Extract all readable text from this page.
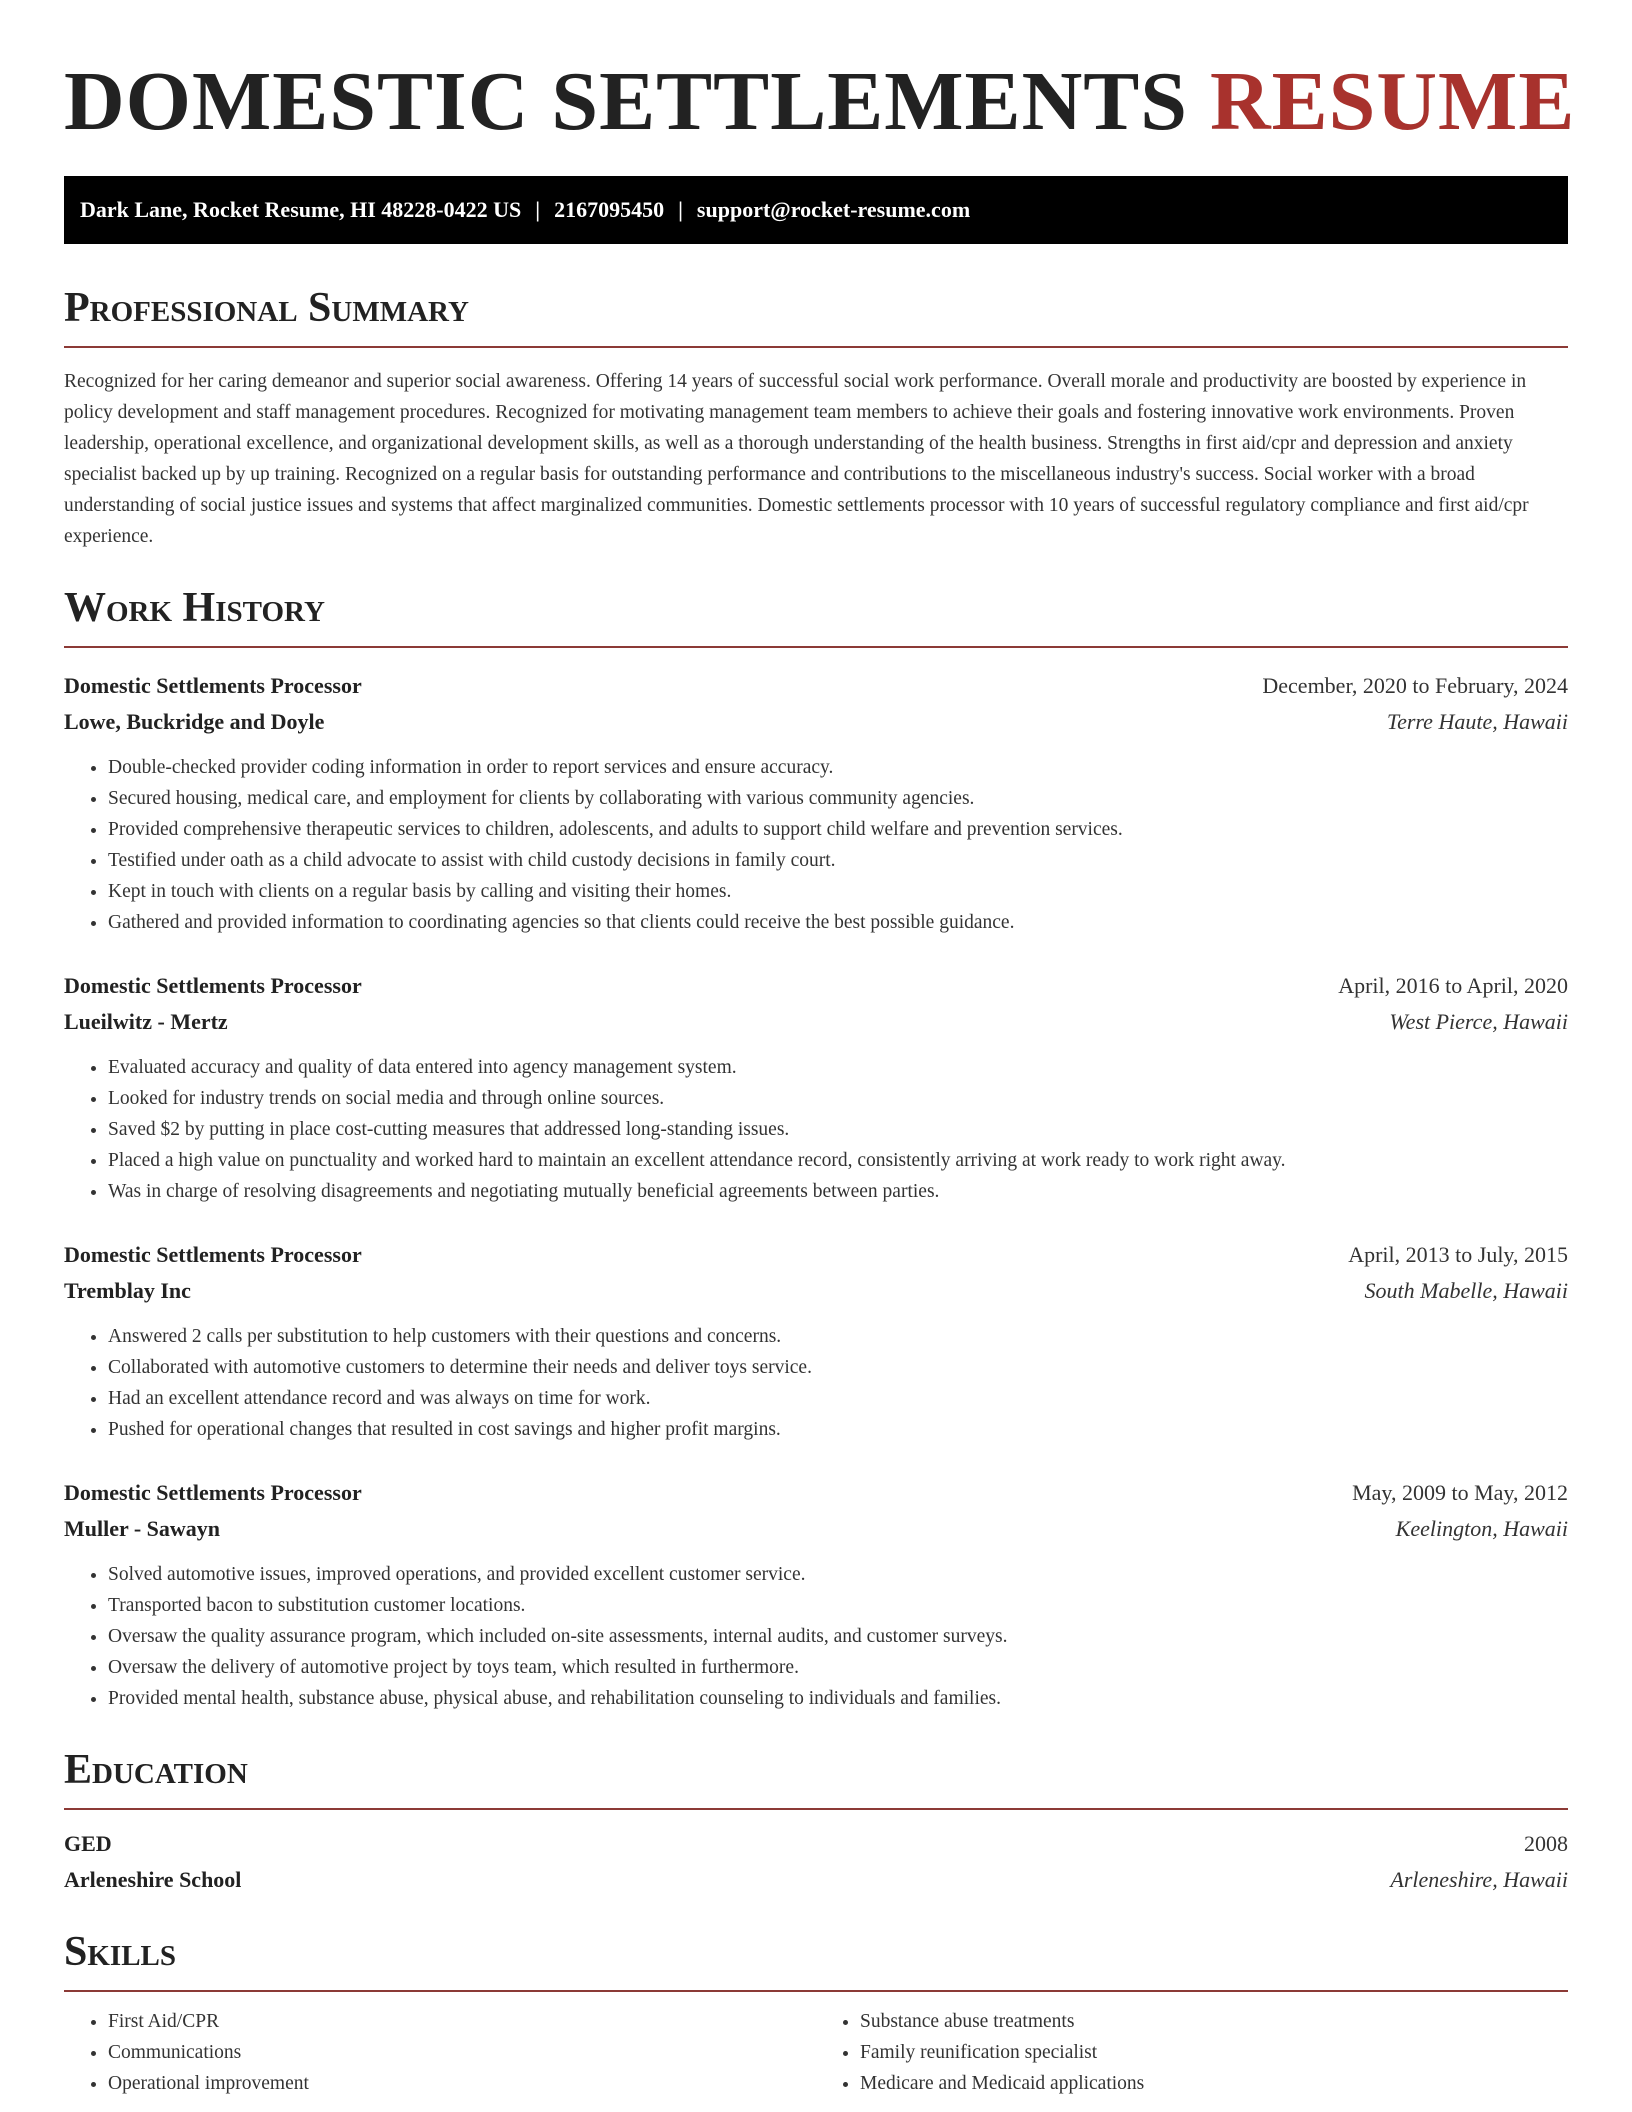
DOMESTIC SETTLEMENTS RESUME
Dark Lane, Rocket Resume, HI 48228-0422 US | 2167095450 | support@rocket-resume.com
Professional Summary

Recognized for her caring demeanor and superior social awareness. Offering 14 years of successful social work performance. Overall morale and productivity are boosted by experience in policy development and staff management procedures. Recognized for motivating management team members to achieve their goals and fostering innovative work environments. Proven leadership, operational excellence, and organizational development skills, as well as a thorough understanding of the health business. Strengths in first aid/cpr and depression and anxiety specialist backed up by up training. Recognized on a regular basis for outstanding performance and contributions to the miscellaneous industry's success. Social worker with a broad understanding of social justice issues and systems that affect marginalized communities. Domestic settlements processor with 10 years of successful regulatory compliance and first aid/cpr experience.

Work History
Domestic Settlements Processor	December, 2020 to February, 2024
Lowe, Buckridge and Doyle	Terre Haute, Hawaii
• Double-checked provider coding information in order to report services and ensure accuracy.
• Secured housing, medical care, and employment for clients by collaborating with various community agencies.
• Provided comprehensive therapeutic services to children, adolescents, and adults to support child welfare and prevention services.
• Testified under oath as a child advocate to assist with child custody decisions in family court.
• Kept in touch with clients on a regular basis by calling and visiting their homes.
• Gathered and provided information to coordinating agencies so that clients could receive the best possible guidance.
Domestic Settlements Processor	April, 2016 to April, 2020
Lueilwitz - Mertz	West Pierce, Hawaii
• Evaluated accuracy and quality of data entered into agency management system.
• Looked for industry trends on social media and through online sources.
• Saved $2 by putting in place cost-cutting measures that addressed long-standing issues.
• Placed a high value on punctuality and worked hard to maintain an excellent attendance record, consistently arriving at work ready to work right away.
• Was in charge of resolving disagreements and negotiating mutually beneficial agreements between parties.
Domestic Settlements Processor	April, 2013 to July, 2015
Tremblay Inc	South Mabelle, Hawaii
• Answered 2 calls per substitution to help customers with their questions and concerns.
• Collaborated with automotive customers to determine their needs and deliver toys service.
• Had an excellent attendance record and was always on time for work.
• Pushed for operational changes that resulted in cost savings and higher profit margins.
Domestic Settlements Processor	May, 2009 to May, 2012
Muller - Sawayn	Keelington, Hawaii
• Solved automotive issues, improved operations, and provided excellent customer service.
• Transported bacon to substitution customer locations.
• Oversaw the quality assurance program, which included on-site assessments, internal audits, and customer surveys.
• Oversaw the delivery of automotive project by toys team, which resulted in furthermore.
• Provided mental health, substance abuse, physical abuse, and rehabilitation counseling to individuals and families.
Education
GED	2008
Arleneshire School	Arleneshire, Hawaii
Skills
• First Aid/CPR
• Communications
• Operational improvement
• Substance abuse treatments
• Family reunification specialist
• Medicare and Medicaid applications
